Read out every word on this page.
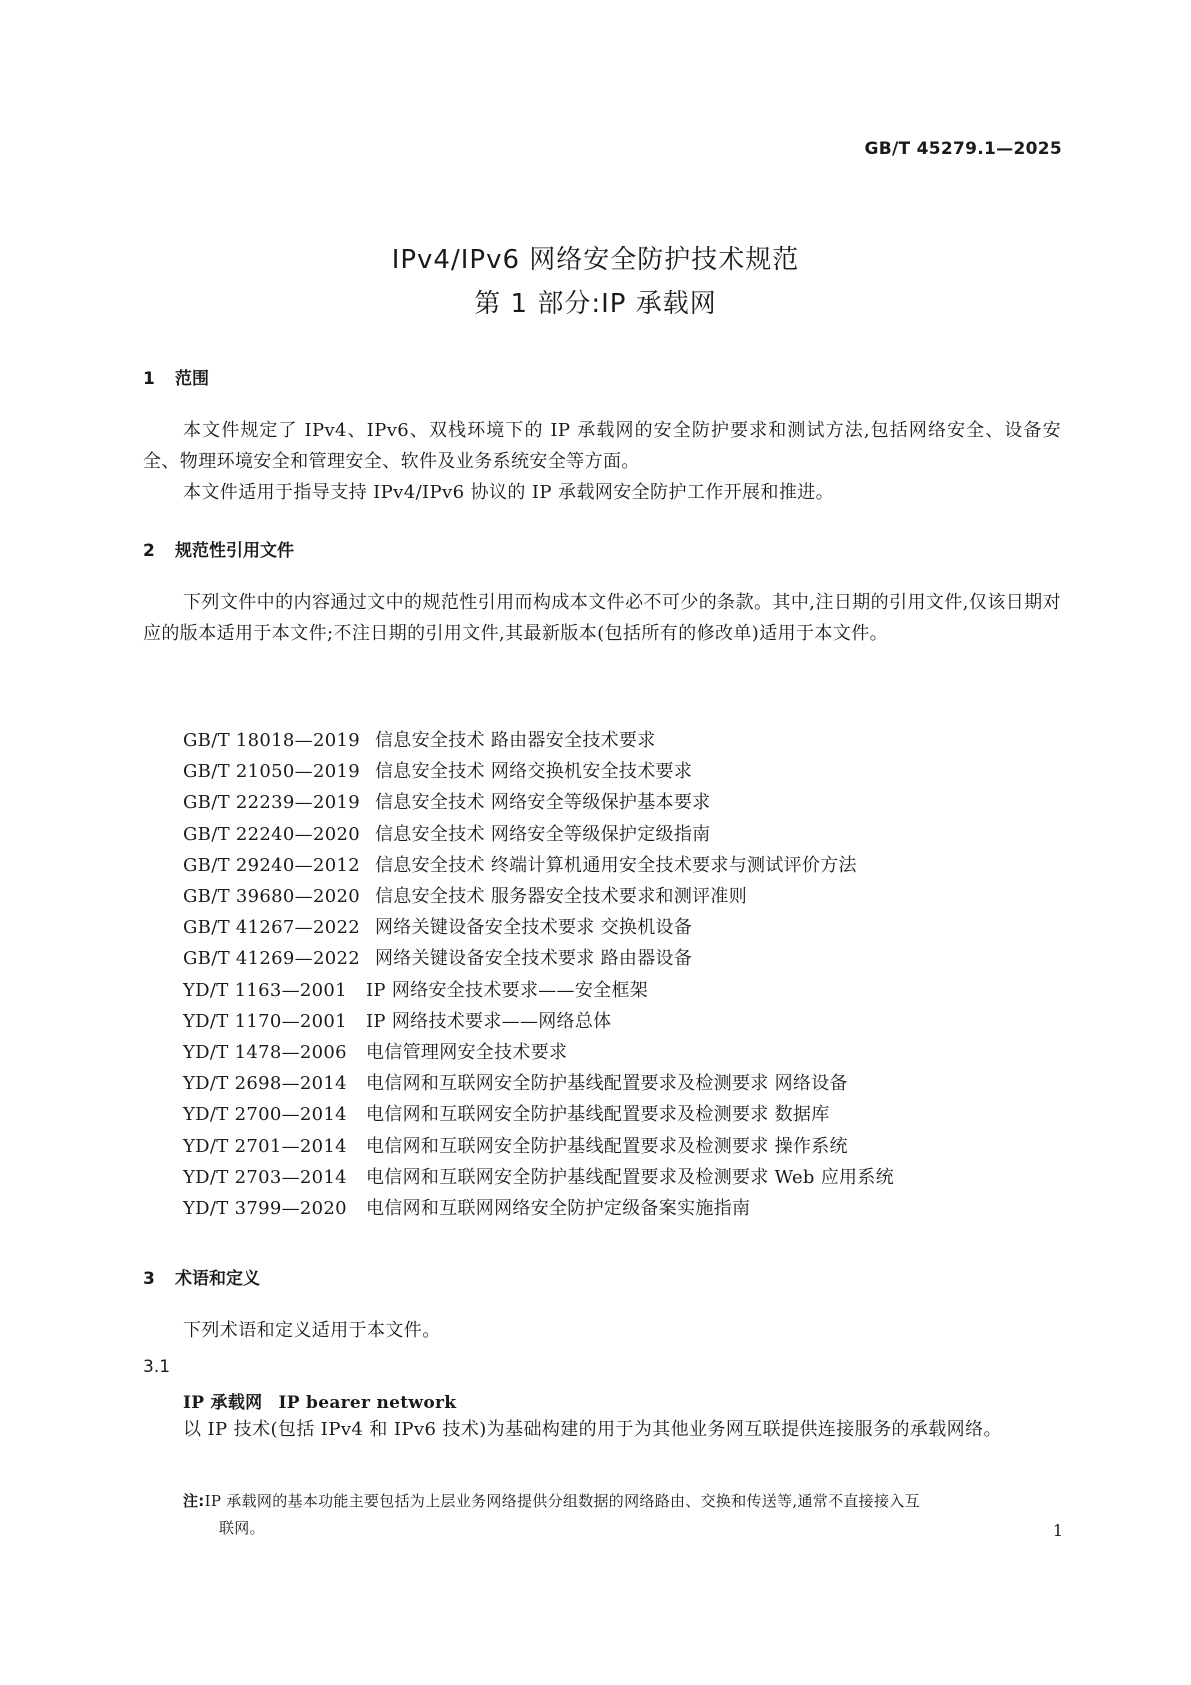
GB/T 45279.1—2025
IPv4/IPv6 网络安全防护技术规范
第 1 部分:IP 承载网
1 范围
本文件规定了 IPv4、IPv6、双栈环境下的 IP 承载网的安全防护要求和测试方法,包括网络安全、设备安全、物理环境安全和管理安全、软件及业务系统安全等方面。
本文件适用于指导支持 IPv4/IPv6 协议的 IP 承载网安全防护工作开展和推进。
2 规范性引用文件
下列文件中的内容通过文中的规范性引用而构成本文件必不可少的条款。其中,注日期的引用文件,仅该日期对应的版本适用于本文件;不注日期的引用文件,其最新版本(包括所有的修改单)适用于本文件。
GB/T 18018—2019 信息安全技术 路由器安全技术要求
GB/T 21050—2019 信息安全技术 网络交换机安全技术要求
GB/T 22239—2019 信息安全技术 网络安全等级保护基本要求
GB/T 22240—2020 信息安全技术 网络安全等级保护定级指南
GB/T 29240—2012 信息安全技术 终端计算机通用安全技术要求与测试评价方法
GB/T 39680—2020 信息安全技术 服务器安全技术要求和测评准则
GB/T 41267—2022 网络关键设备安全技术要求 交换机设备
GB/T 41269—2022 网络关键设备安全技术要求 路由器设备
YD/T 1163—2001 IP 网络安全技术要求——安全框架
YD/T 1170—2001 IP 网络技术要求——网络总体
YD/T 1478—2006 电信管理网安全技术要求
YD/T 2698—2014 电信网和互联网安全防护基线配置要求及检测要求 网络设备
YD/T 2700—2014 电信网和互联网安全防护基线配置要求及检测要求 数据库
YD/T 2701—2014 电信网和互联网安全防护基线配置要求及检测要求 操作系统
YD/T 2703—2014 电信网和互联网安全防护基线配置要求及检测要求 Web 应用系统
YD/T 3799—2020 电信网和互联网网络安全防护定级备案实施指南
3 术语和定义
下列术语和定义适用于本文件。
3.1
IP 承载网 IP bearer network
以 IP 技术(包括 IPv4 和 IPv6 技术)为基础构建的用于为其他业务网互联提供连接服务的承载网络。
注:IP 承载网的基本功能主要包括为上层业务网络提供分组数据的网络路由、交换和传送等,通常不直接接入互
联网。	1
